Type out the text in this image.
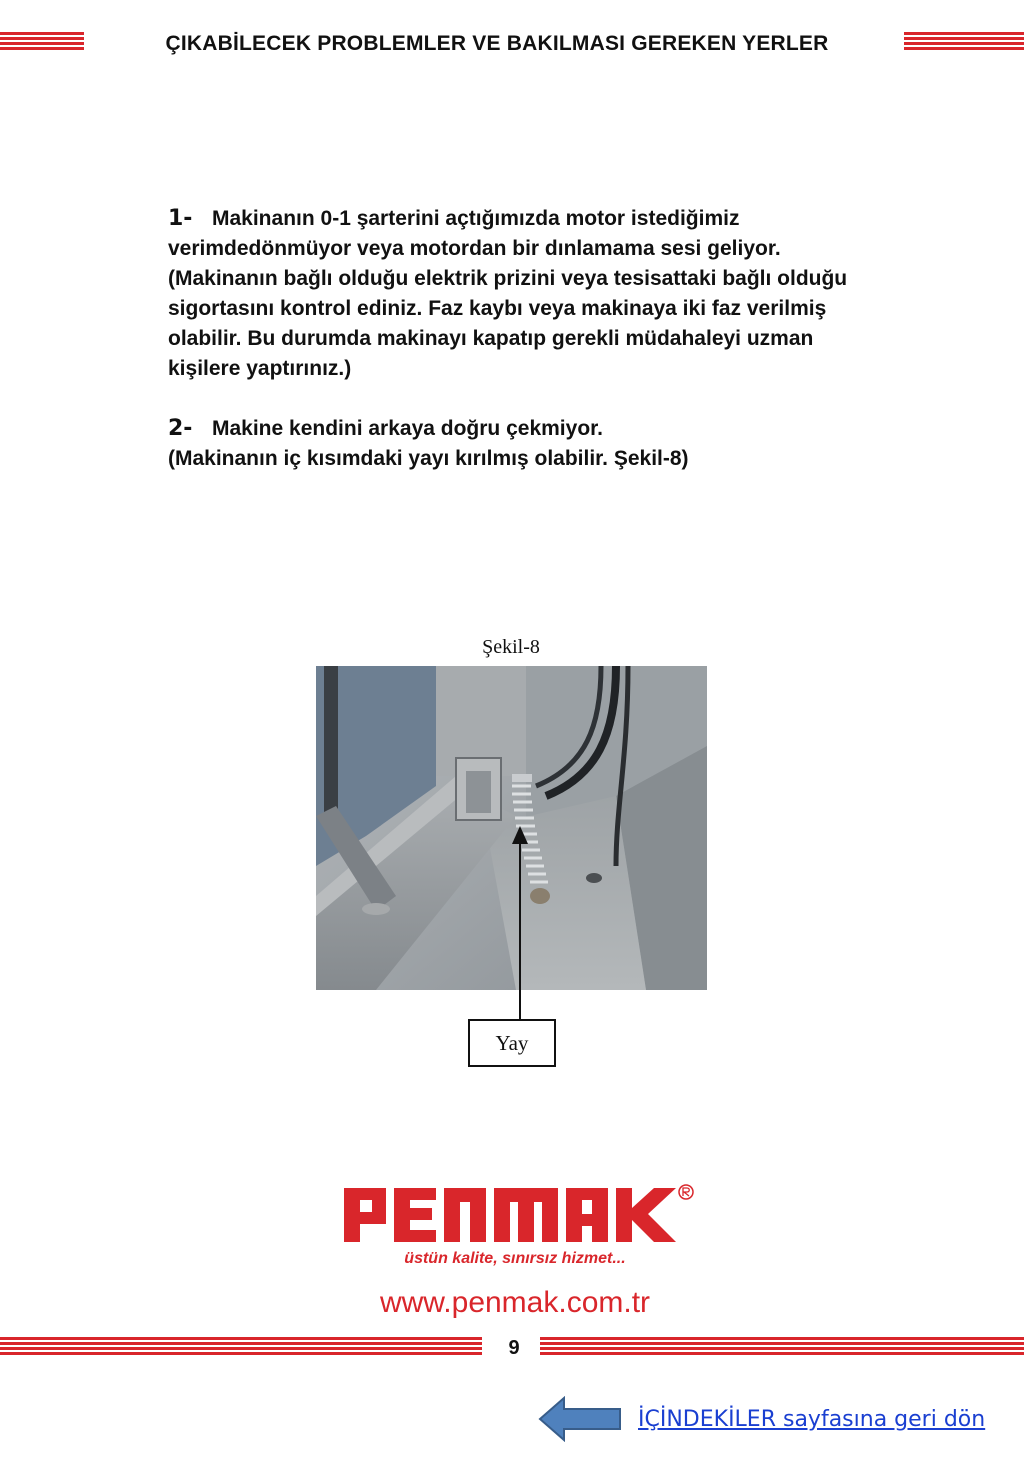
ÇIKABİLECEK PROBLEMLER VE BAKILMASI GEREKEN YERLER

1- Makinanın 0-1 şarterini açtığımızda motor istediğimiz verimdedönmüyor veya motordan bir dınlamama sesi geliyor. (Makinanın bağlı olduğu elektrik prizini veya tesisattaki bağlı olduğu sigortasını kontrol ediniz. Faz kaybı veya makinaya iki faz verilmiş olabilir. Bu durumda makinayı kapatıp gerekli müdahaleyi uzman kişilere yaptırınız.)

2- Makine kendini arkaya doğru çekmiyor.
(Makinanın iç kısımdaki yayı kırılmış olabilir. Şekil-8)

Şekil-8
Yay
üstün kalite, sınırsız hizmet...
www.penmak.com.tr
9
İÇİNDEKİLER sayfasına geri dön
